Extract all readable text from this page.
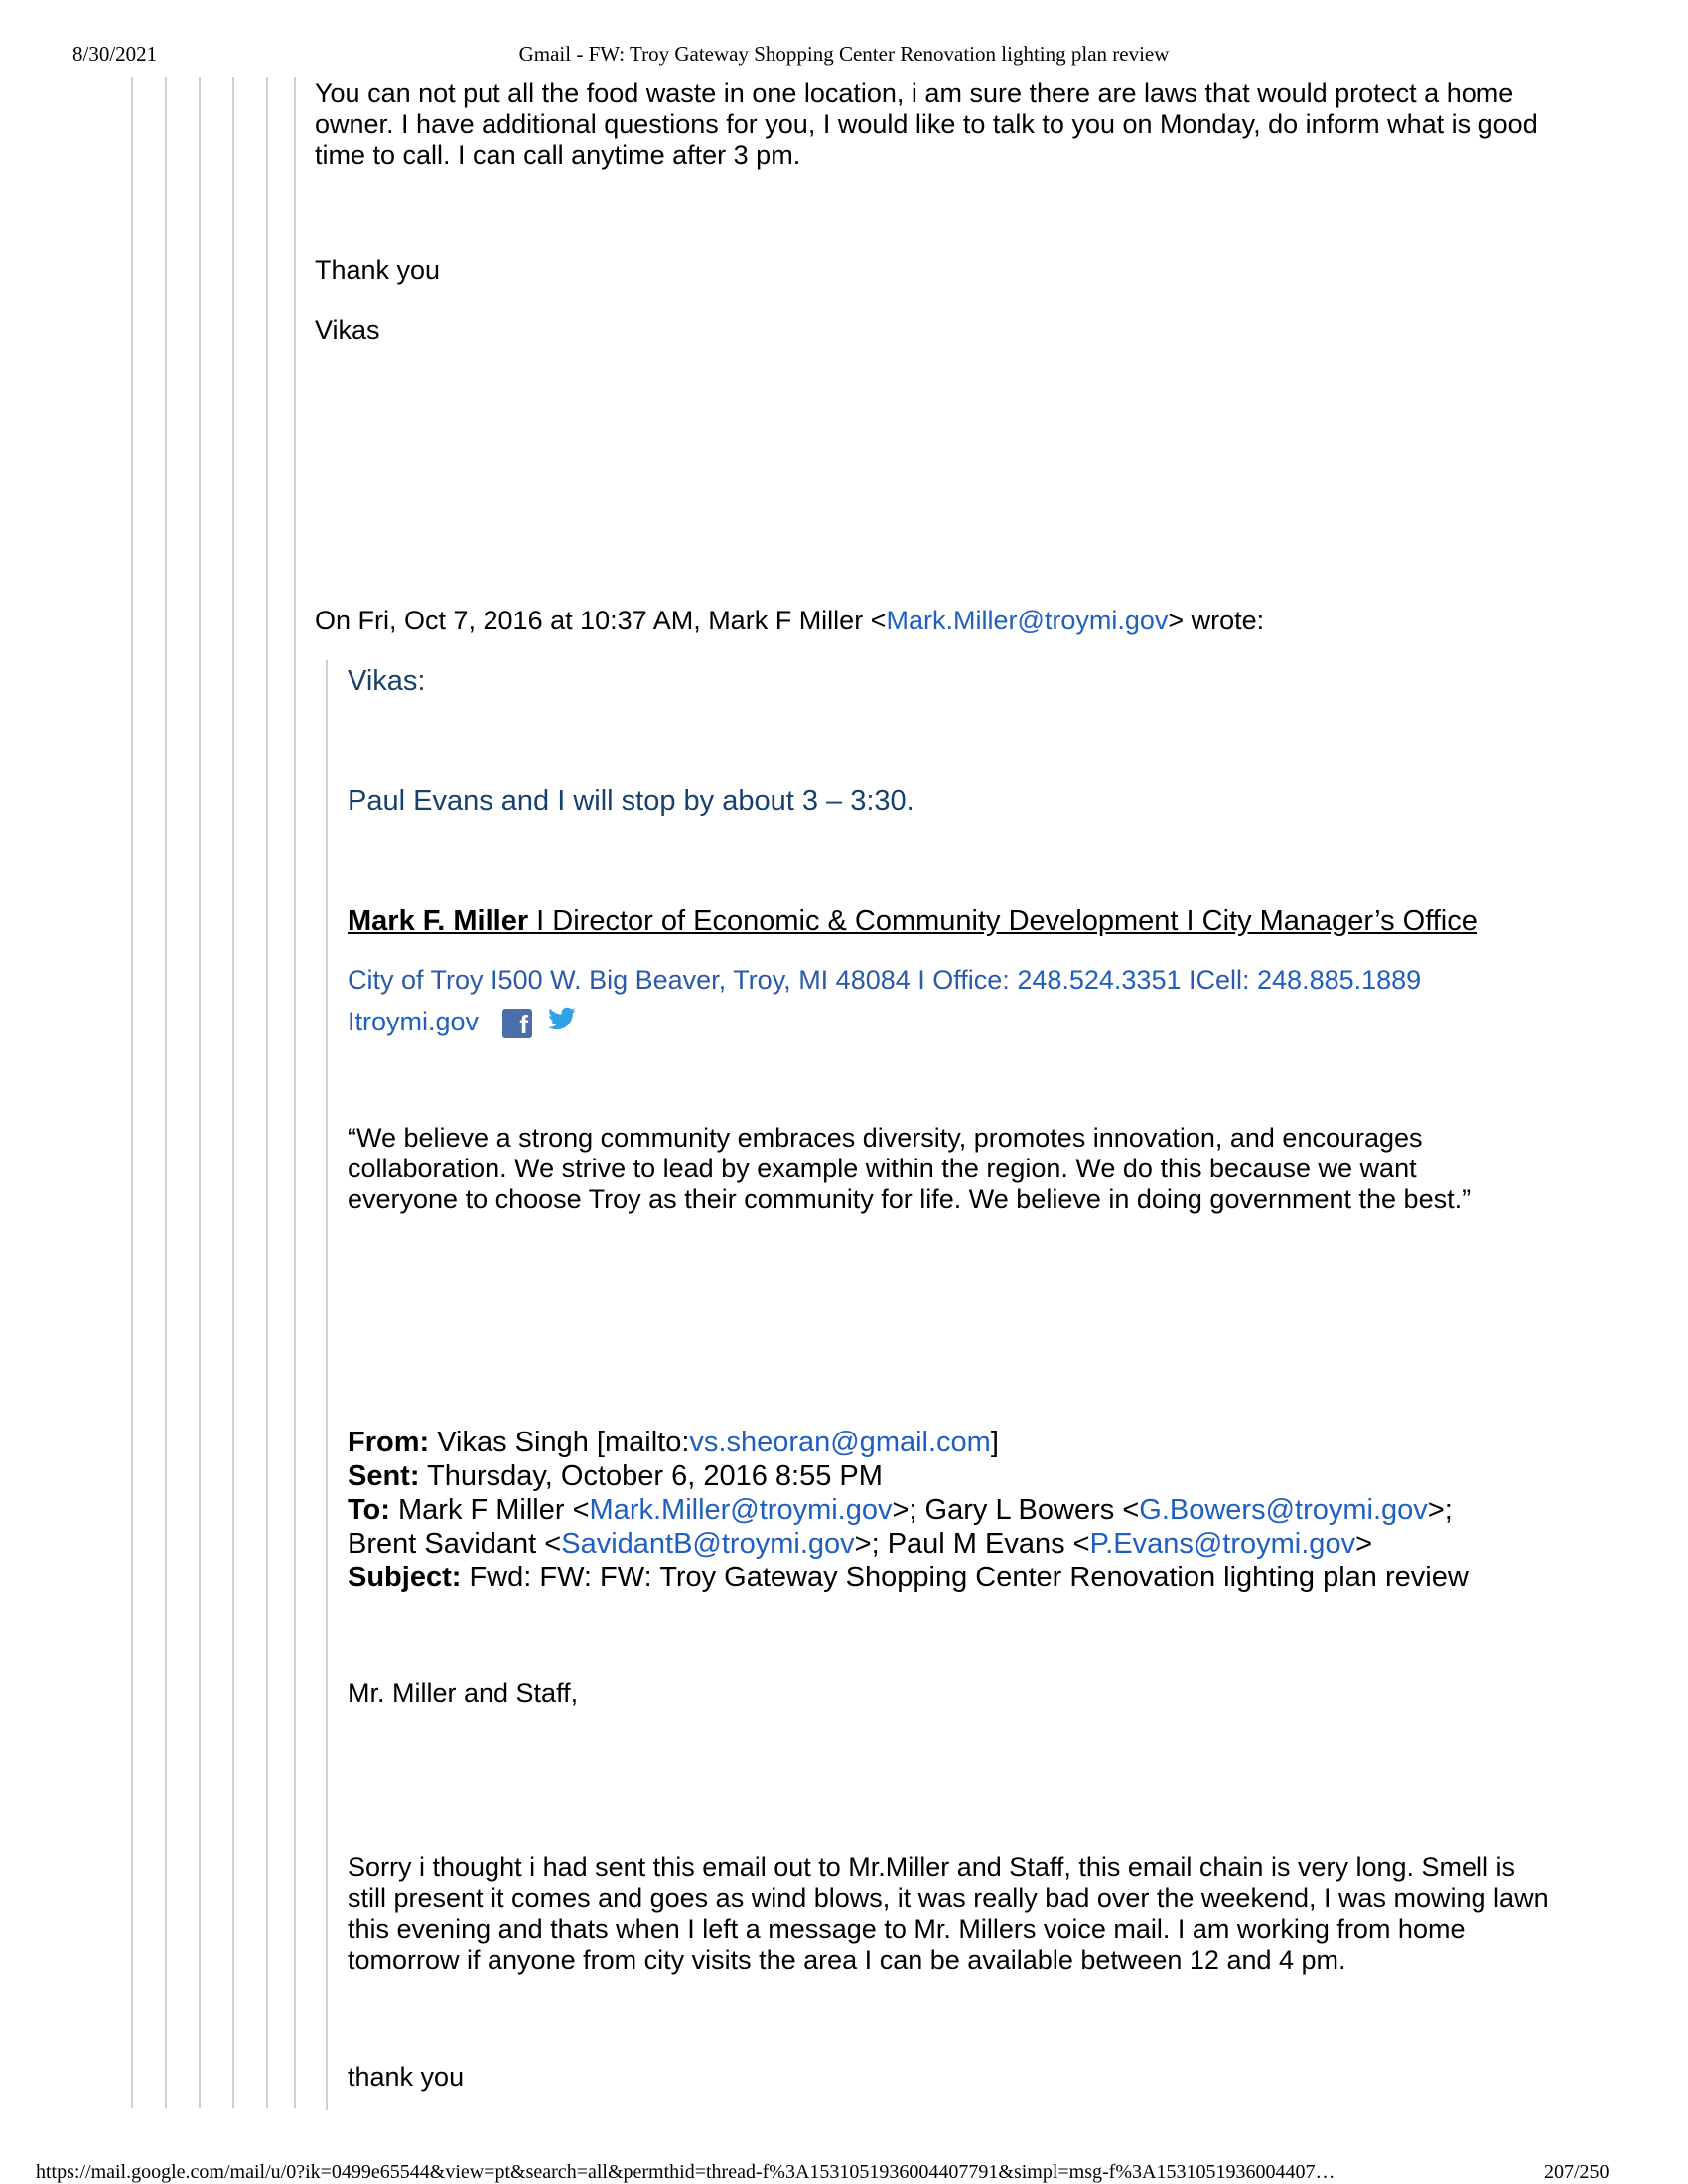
8/30/2021	Gmail - FW: Troy Gateway Shopping Center Renovation lighting plan review
You can not put all the food waste in one location, i am sure there are laws that would protect a home
owner. I have additional questions for you, I would like to talk to you on Monday, do inform what is good
time to call. I can call anytime after 3 pm.
Thank you
Vikas
On Fri, Oct 7, 2016 at 10:37 AM, Mark F Miller <Mark.Miller@troymi.gov> wrote:
Vikas:
Paul Evans and I will stop by about 3 – 3:30.
Mark F. Miller I Director of Economic & Community Development I City Manager’s Office
City of Troy I500 W. Big Beaver, Troy, MI 48084 I Office: 248.524.3351 ICell: 248.885.1889
Itroymi.gov f
“We believe a strong community embraces diversity, promotes innovation, and encourages
collaboration. We strive to lead by example within the region. We do this because we want
everyone to choose Troy as their community for life. We believe in doing government the best.”
From: Vikas Singh [mailto:vs.sheoran@gmail.com]
Sent: Thursday, October 6, 2016 8:55 PM
To: Mark F Miller <Mark.Miller@troymi.gov>; Gary L Bowers <G.Bowers@troymi.gov>;
Brent Savidant <SavidantB@troymi.gov>; Paul M Evans <P.Evans@troymi.gov>
Subject: Fwd: FW: FW: Troy Gateway Shopping Center Renovation lighting plan review
Mr. Miller and Staff,
Sorry i thought i had sent this email out to Mr.Miller and Staff, this email chain is very long. Smell is
still present it comes and goes as wind blows, it was really bad over the weekend, I was mowing lawn
this evening and thats when I left a message to Mr. Millers voice mail. I am working from home
tomorrow if anyone from city visits the area I can be available between 12 and 4 pm.
thank you
https://mail.google.com/mail/u/0?ik=0499e65544&view=pt&search=all&permthid=thread-f%3A1531051936004407791&simpl=msg-f%3A1531051936004407…	207/250
